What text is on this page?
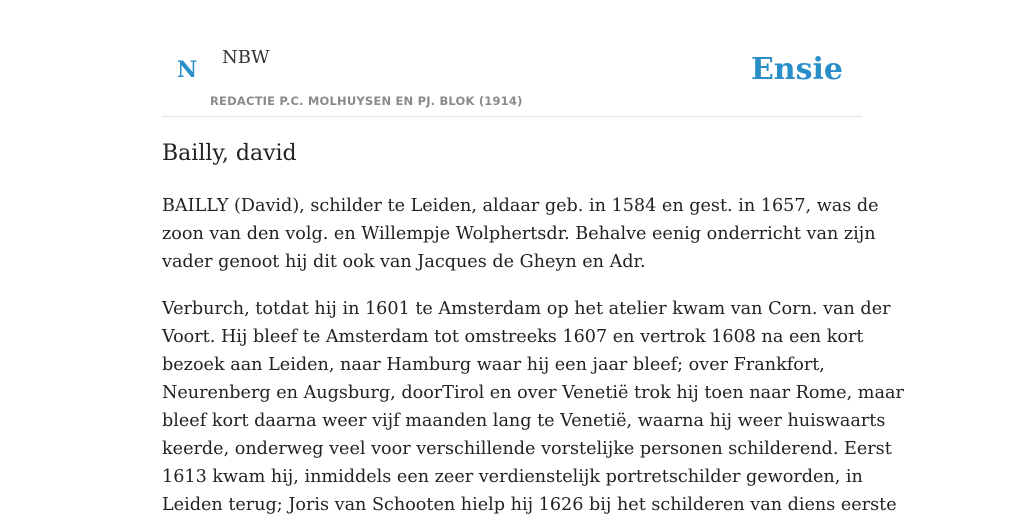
N NBW
REDACTIE P.C. MOLHUYSEN EN PJ. BLOK (1914)
Ensie
Bailly, david

BAILLY (David), schilder te Leiden, aldaar geb. in 1584 en gest. in 1657, was de
zoon van den volg. en Willempje Wolphertsdr. Behalve eenig onderricht van zijn
vader genoot hij dit ook van Jacques de Gheyn en Adr.

Verburch, totdat hij in 1601 te Amsterdam op het atelier kwam van Corn. van der
Voort. Hij bleef te Amsterdam tot omstreeks 1607 en vertrok 1608 na een kort
bezoek aan Leiden, naar Hamburg waar hij een jaar bleef; over Frankfort,
Neurenberg en Augsburg, doorTirol en over Venetië trok hij toen naar Rome, maar
bleef kort daarna weer vijf maanden lang te Venetië, waarna hij weer huiswaarts
keerde, onderweg veel voor verschillende vorstelijke personen schilderend. Eerst
1613 kwam hij, inmiddels een zeer verdienstelijk portretschilder geworden, in
Leiden terug; Joris van Schooten hielp hij 1626 bij het schilderen van diens eerste
